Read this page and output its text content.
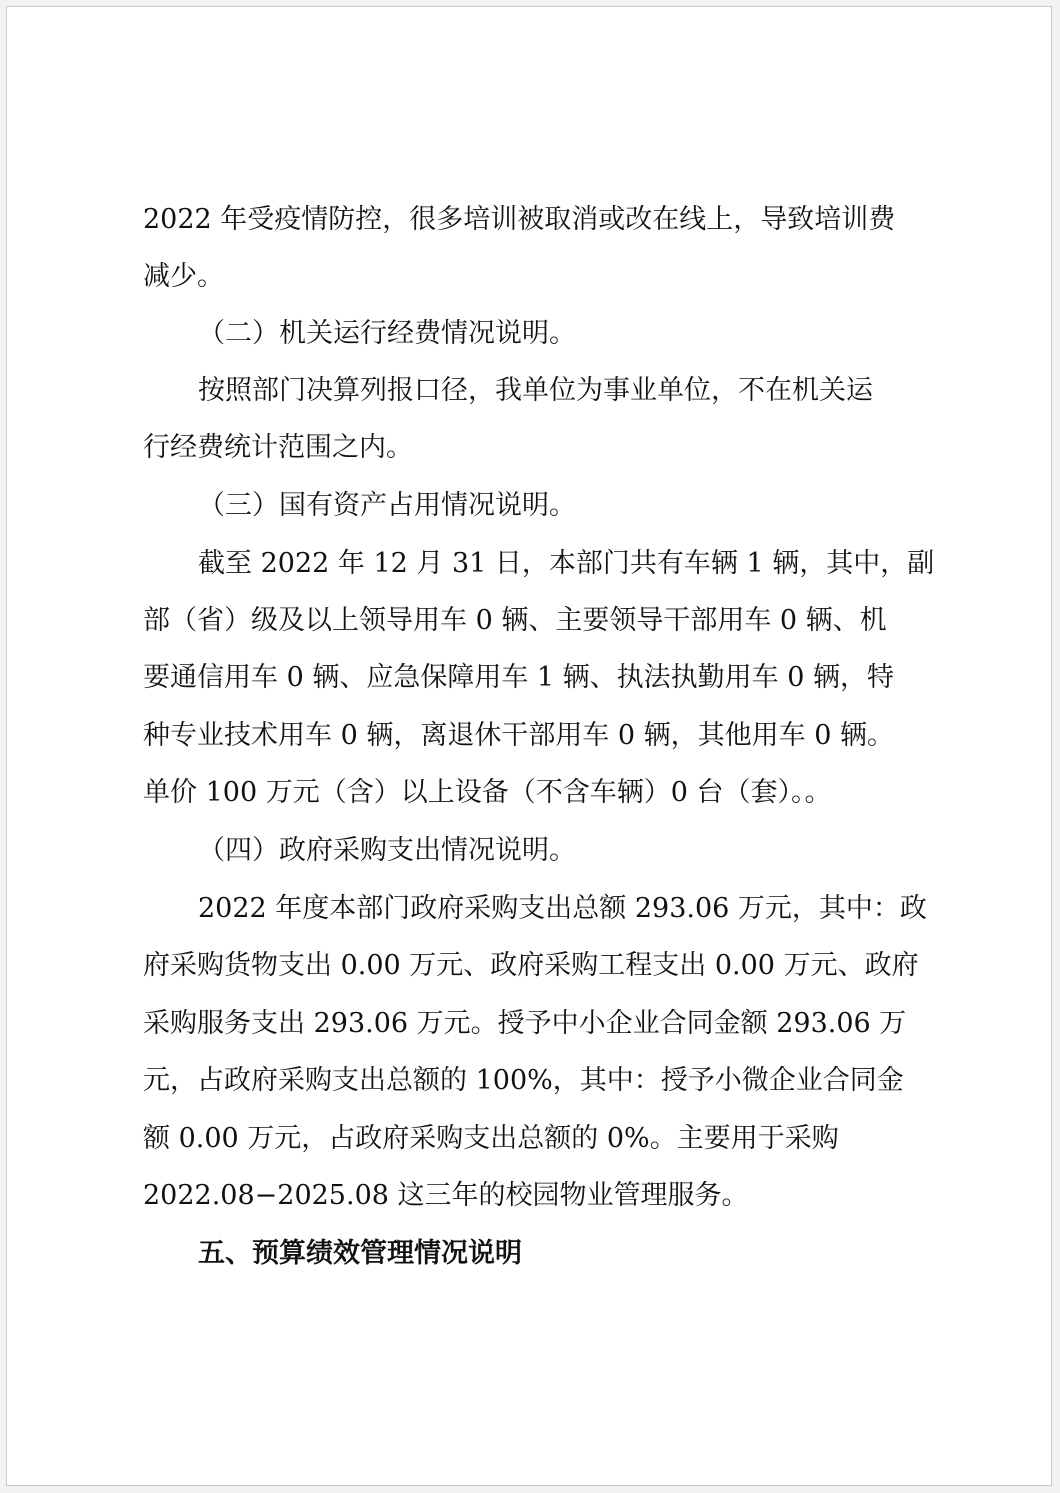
2022 年受疫情防控，很多培训被取消或改在线上，导致培训费
减少。
（二）机关运行经费情况说明。
按照部门决算列报口径，我单位为事业单位，不在机关运
行经费统计范围之内。
（三）国有资产占用情况说明。
截至 2022 年 12 月 31 日，本部门共有车辆 1 辆，其中，副
部（省）级及以上领导用车 0 辆、主要领导干部用车 0 辆、机
要通信用车 0 辆、应急保障用车 1 辆、执法执勤用车 0 辆，特
种专业技术用车 0 辆，离退休干部用车 0 辆，其他用车 0 辆。
单价 100 万元（含）以上设备（不含车辆）0 台（套）。。
（四）政府采购支出情况说明。
2022 年度本部门政府采购支出总额 293.06 万元，其中：政
府采购货物支出 0.00 万元、政府采购工程支出 0.00 万元、政府
采购服务支出 293.06 万元。授予中小企业合同金额 293.06 万
元，占政府采购支出总额的 100%，其中：授予小微企业合同金
额 0.00 万元，占政府采购支出总额的 0%。主要用于采购
2022.08−2025.08 这三年的校园物业管理服务。
五、预算绩效管理情况说明
